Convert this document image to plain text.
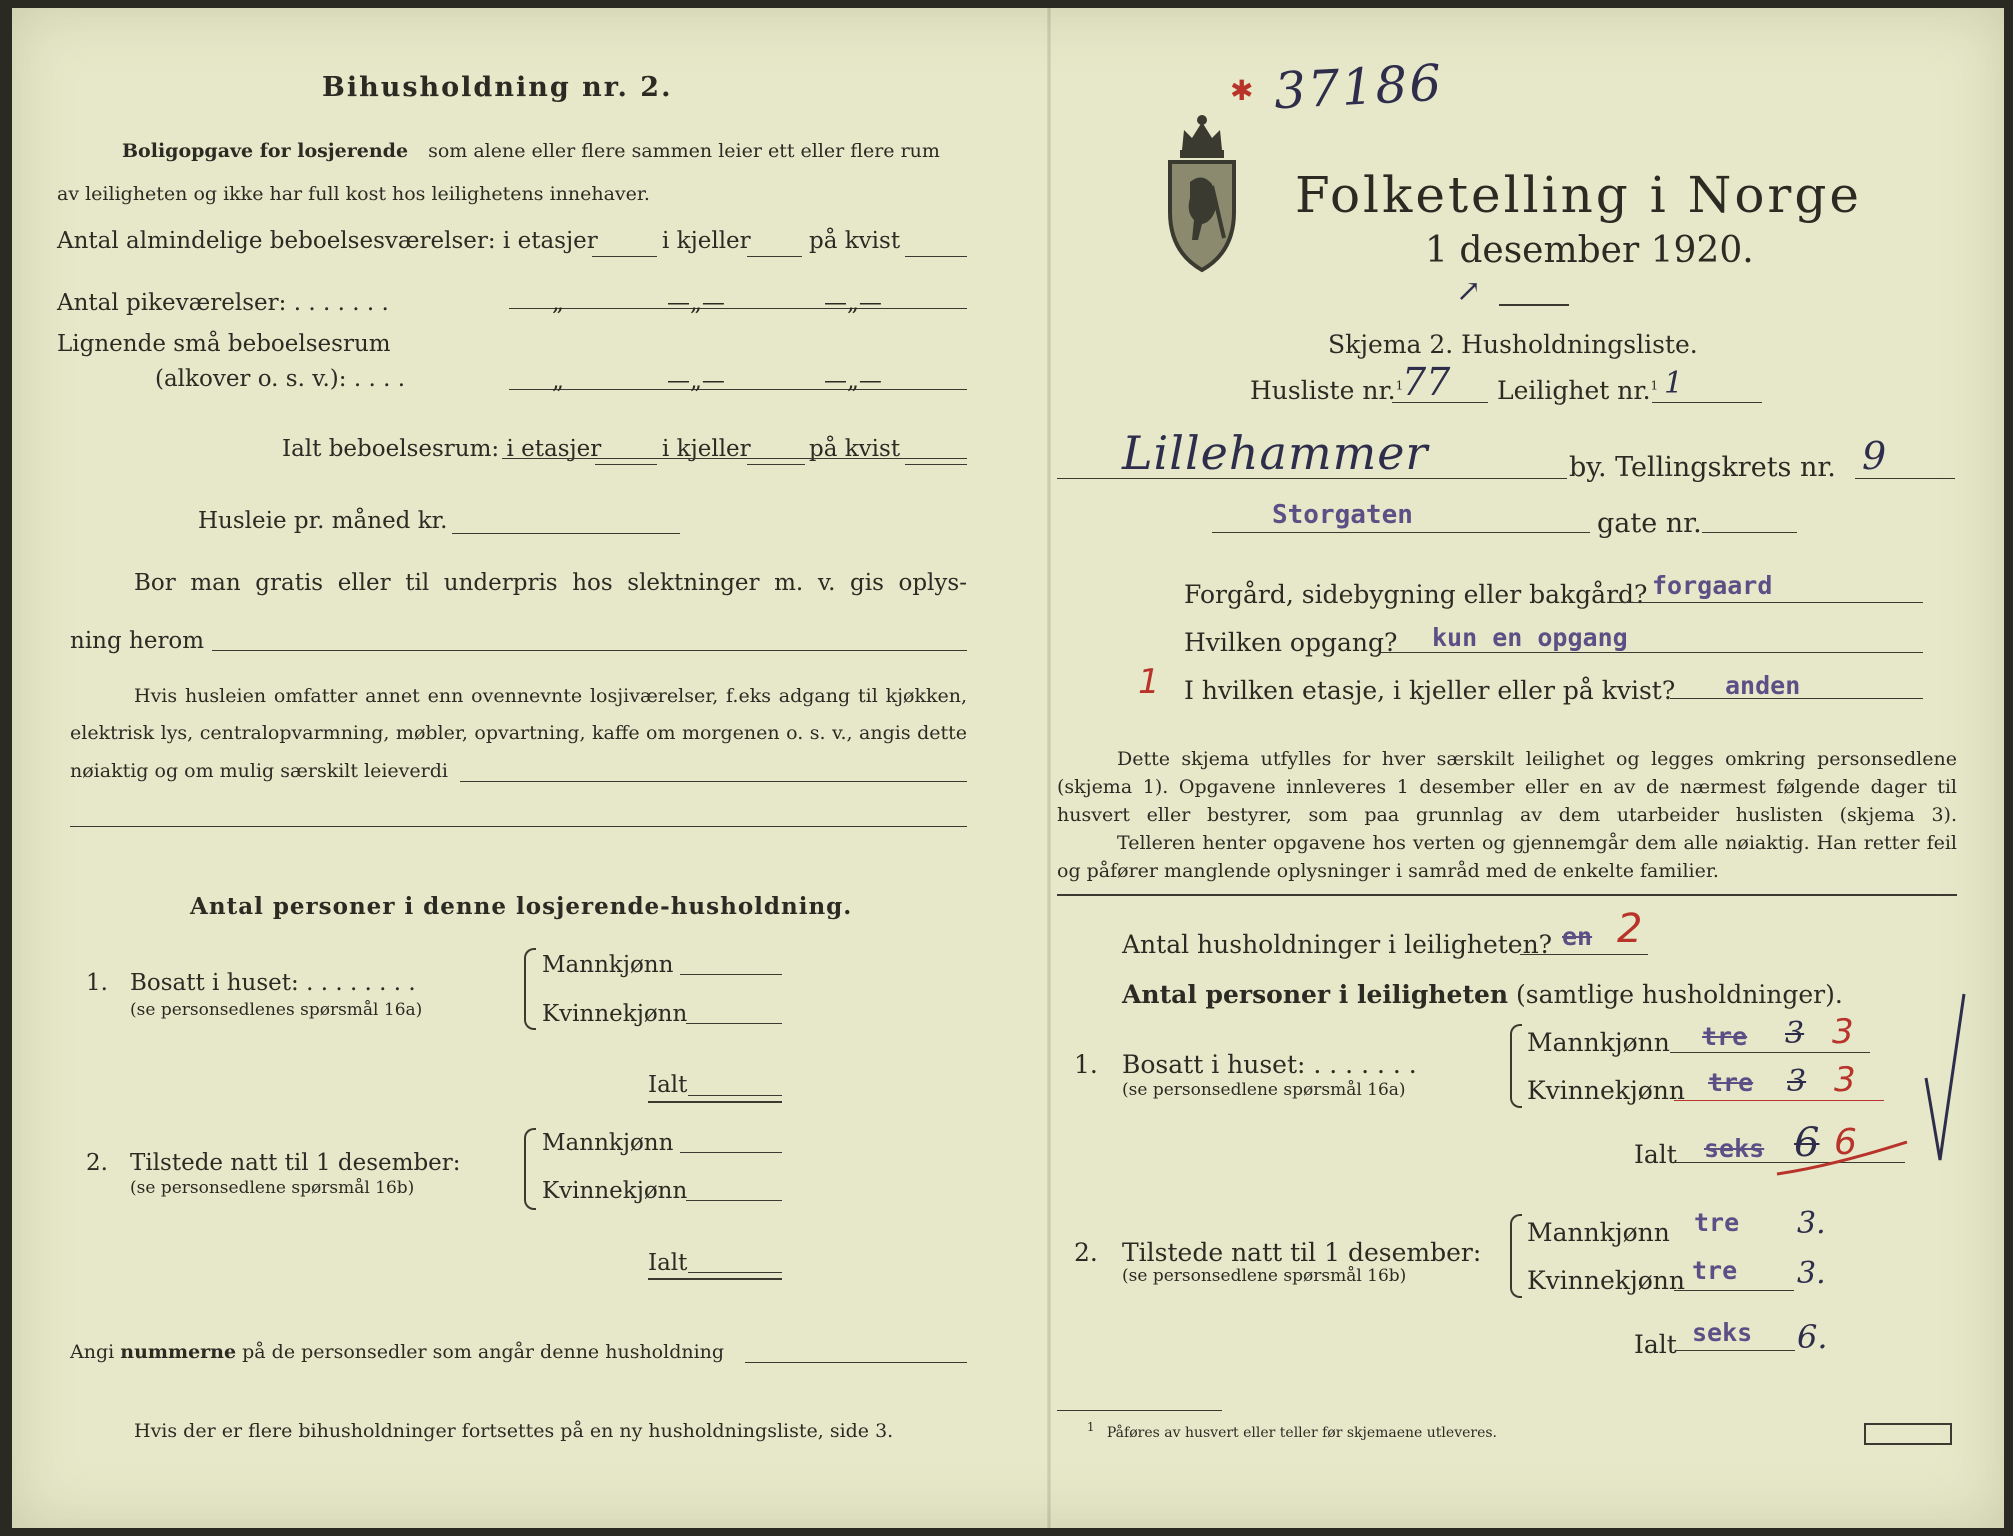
Bihusholdning nr. 2.
Boligopgave for losjerende som alene eller flere sammen leier ett eller flere rum
av leiligheten og ikke har full kost hos leilighetens innehaver.
Antal almindelige beboelsesværelser: i etasjer	i kjeller	på kvist
Antal pikeværelser: . . . . . . .	„	—„—	—„—
Lignende små beboelsesrum
(alkover o. s. v.): . . . .	„	—„—	—„—
Ialt beboelsesrum: i etasjer	i kjeller	på kvist
Husleie pr. måned kr.
Bor man gratis eller til underpris hos slektninger m. v. gis oplys-
ning herom
Hvis husleien omfatter annet enn ovennevnte losjiværelser, f.eks adgang til kjøkken,
elektrisk lys, centralopvarmning, møbler, opvartning, kaffe om morgenen o. s. v., angis dette
nøiaktig og om mulig særskilt leieverdi
Antal personer i denne losjerende-husholdning.
1. Bosatt i huset: . . . . . . . .
(se personsedlenes spørsmål 16a)
Mannkjønn
Kvinnekjønn
Ialt
2. Tilstede natt til 1 desember:
(se personsedlene spørsmål 16b)
Mannkjønn
Kvinnekjønn
Ialt
Angi nummerne på de personsedler som angår denne husholdning
Hvis der er flere bihusholdninger fortsettes på en ny husholdningsliste, side 3.
37186
✱
Folketelling i Norge
1 desember 1920.
↗
Skjema 2. Husholdningsliste.
Husliste nr.$^1$
77 Leilighet nr.$^1$ 1
Lillehammer	by. Tellingskrets nr. 9
Storgaten	gate nr.
Forgård, sidebygning eller bakgård? forgaard
Hvilken opgang? kun en opgang
1 I hvilken etasje, i kjeller eller på kvist? anden
Dette skjema utfylles for hver særskilt leilighet og legges omkring personsedlene (skjema 1). Opgavene innleveres 1 desember eller en av de nærmest følgende dager til husvert eller bestyrer, som paa grunnlag av dem utarbeider huslisten (skjema 3).
Telleren henter opgavene hos verten og gjennemgår dem alle nøiaktig. Han retter feil og påfører manglende oplysninger i samråd med de enkelte familier.
Antal husholdninger i leiligheten? en 2
Antal personer i leiligheten (samtlige husholdninger).
1. Bosatt i huset: . . . . . . .
(se personsedlene spørsmål 16a)
Mannkjønn tre 3 3
Kvinnekjønn tre 3 3
Ialt seks 6 6
2. Tilstede natt til 1 desember:
(se personsedlene spørsmål 16b)
Mannkjønn tre 3.
Kvinnekjønn tre 3.
Ialt seks 6.
$^1$ Påføres av husvert eller teller før skjemaene utleveres.
